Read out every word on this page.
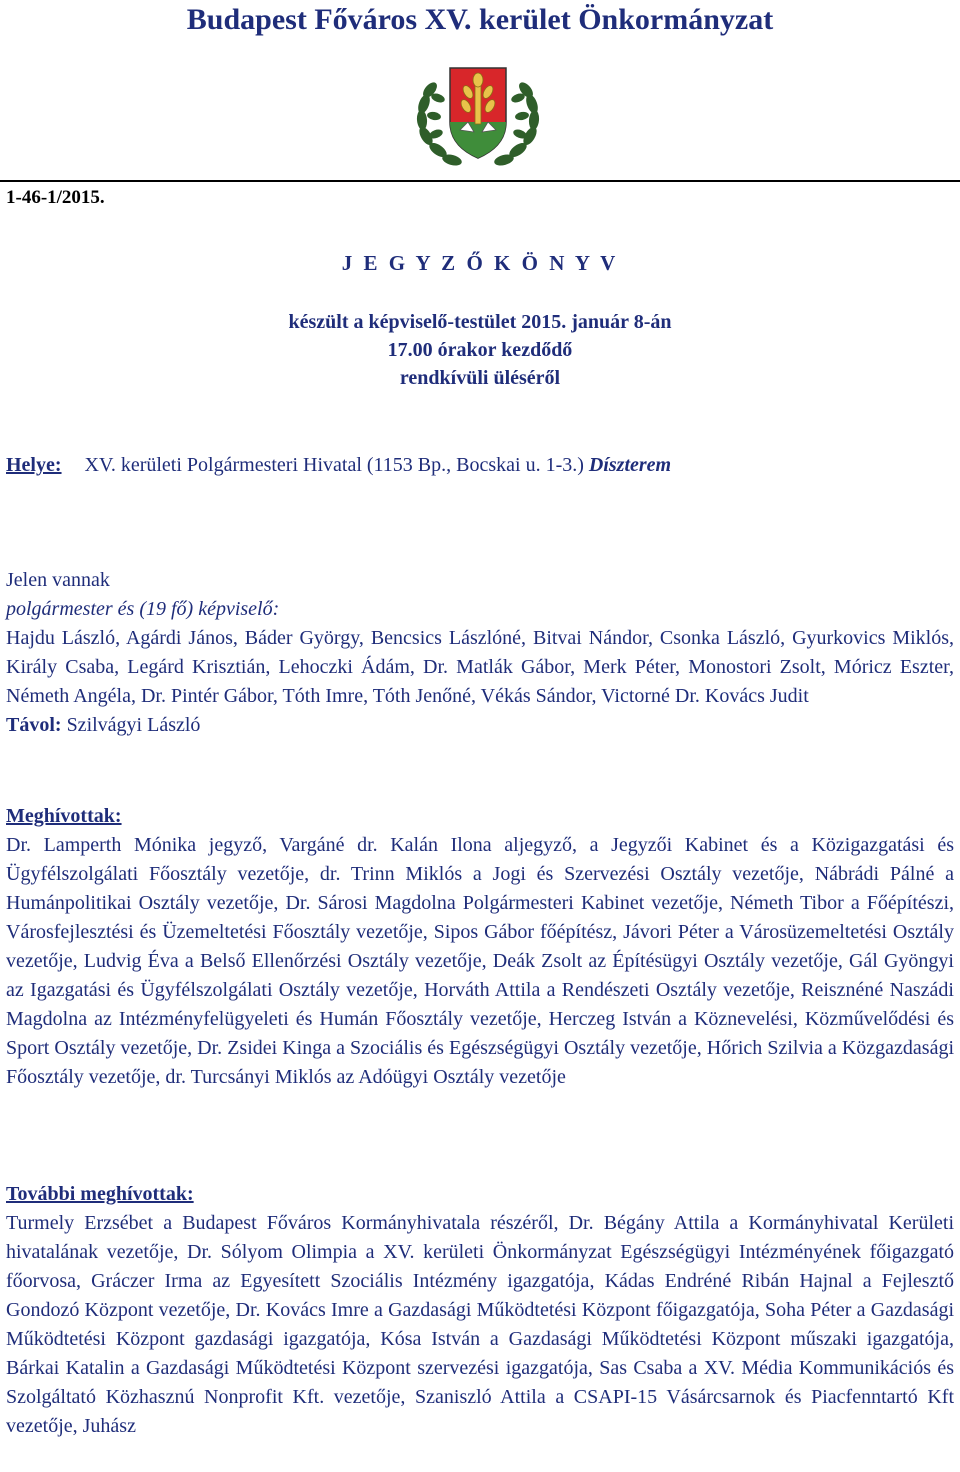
Budapest Főváros XV. kerület Önkormányzat
1-46-1/2015.
J E G Y Z Ő K Ö N Y V
készült a képviselő-testület 2015. január 8-án
17.00 órakor kezdődő
rendkívüli üléséről
Helye: XV. kerületi Polgármesteri Hivatal (1153 Bp., Bocskai u. 1-3.) Díszterem

Jelen vannak

polgármester és (19 fő) képviselő:

Hajdu László, Agárdi János, Báder György, Bencsics Lászlóné, Bitvai Nándor, Csonka László, Gyurkovics Miklós, Király Csaba, Legárd Krisztián, Lehoczki Ádám, Dr. Matlák Gábor, Merk Péter, Monostori Zsolt, Móricz Eszter, Németh Angéla, Dr. Pintér Gábor, Tóth Imre, Tóth Jenőné, Vékás Sándor, Victorné Dr. Kovács Judit

Távol: Szilvágyi László

Meghívottak:

Dr. Lamperth Mónika jegyző, Vargáné dr. Kalán Ilona aljegyző, a Jegyzői Kabinet és a Közigazgatási és Ügyfélszolgálati Főosztály vezetője, dr. Trinn Miklós a Jogi és Szervezési Osztály vezetője, Nábrádi Pálné a Humánpolitikai Osztály vezetője, Dr. Sárosi Magdolna Polgármesteri Kabinet vezetője, Németh Tibor a Főépítészi, Városfejlesztési és Üzemeltetési Főosztály vezetője, Sipos Gábor főépítész, Jávori Péter a Városüzemeltetési Osztály vezetője, Ludvig Éva a Belső Ellenőrzési Osztály vezetője, Deák Zsolt az Építésügyi Osztály vezetője, Gál Gyöngyi az Igazgatási és Ügyfélszolgálati Osztály vezetője, Horváth Attila a Rendészeti Osztály vezetője, Reisznéné Naszádi Magdolna az Intézményfelügyeleti és Humán Főosztály vezetője, Herczeg István a Köznevelési, Közművelődési és Sport Osztály vezetője, Dr. Zsidei Kinga a Szociális és Egészségügyi Osztály vezetője, Hőrich Szilvia a Közgazdasági Főosztály vezetője, dr. Turcsányi Miklós az Adóügyi Osztály vezetője

További meghívottak:

Turmely Erzsébet a Budapest Főváros Kormányhivatala részéről, Dr. Bégány Attila a Kormányhivatal Kerületi hivatalának vezetője, Dr. Sólyom Olimpia a XV. kerületi Önkormányzat Egészségügyi Intézményének főigazgató főorvosa, Gráczer Irma az Egyesített Szociális Intézmény igazgatója, Kádas Endréné Ribán Hajnal a Fejlesztő Gondozó Központ vezetője, Dr. Kovács Imre a Gazdasági Működtetési Központ főigazgatója, Soha Péter a Gazdasági Működtetési Központ gazdasági igazgatója, Kósa István a Gazdasági Működtetési Központ műszaki igazgatója, Bárkai Katalin a Gazdasági Működtetési Központ szervezési igazgatója, Sas Csaba a XV. Média Kommunikációs és Szolgáltató Közhasznú Nonprofit Kft. vezetője, Szaniszló Attila a CSAPI-15 Vásárcsarnok és Piacfenntartó Kft vezetője, Juhász
